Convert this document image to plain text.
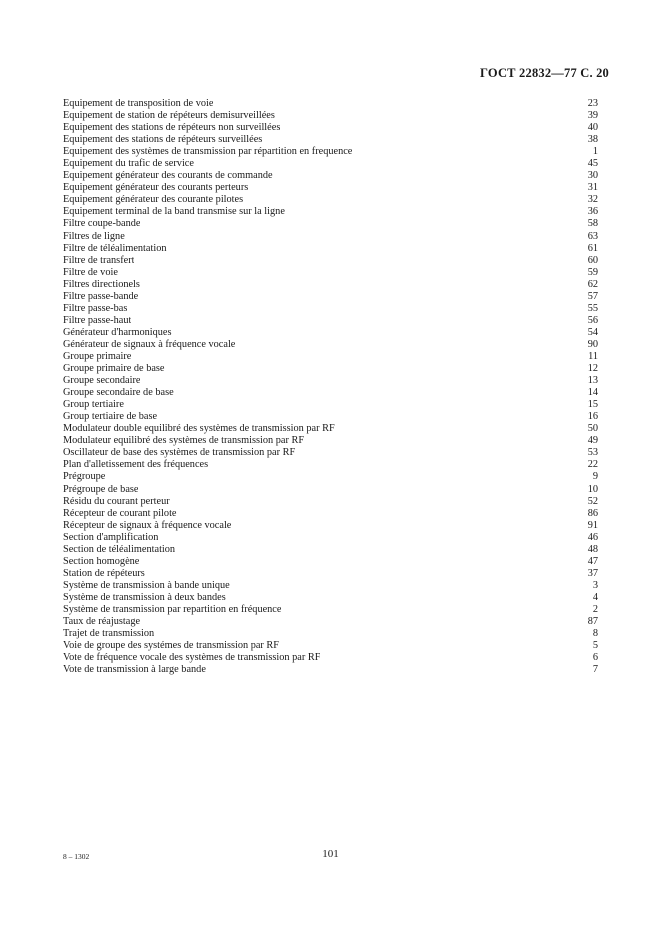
ГОСТ 22832—77 С. 20
Equipement de transposition de voie	23
Equipement de station de répéteurs demisurveillées	39
Equipement des stations de répéteurs non surveillées	40
Equipement des stations de répéteurs surveillées	38
Equipement des systèmes de transmission par répartition en frequence	1
Equipement du trafic de service	45
Equipement générateur des courants de commande	30
Equipement générateur des courants perteurs	31
Equipement générateur des courante pilotes	32
Equipement terminal de la band transmise sur la ligne	36
Filtre coupe-bande	58
Filtres de ligne	63
Filtre de téléalimentation	61
Filtre de transfert	60
Filtre de voie	59
Filtres directionels	62
Filtre passe-bande	57
Filtre passe-bas	55
Filtre passe-haut	56
Générateur d'harmoniques	54
Générateur de signaux à fréquence vocale	90
Groupe primaire	11
Groupe primaire de base	12
Groupe secondaire	13
Groupe secondaire de base	14
Group tertiaire	15
Group tertiaire de base	16
Modulateur double equilibré des systèmes de transmission par RF	50
Modulateur equilibré des systèmes de transmission par RF	49
Oscillateur de base des systèmes de transmission par RF	53
Plan d'alletissement des fréquences	22
Prégroupe	9
Prégroupe de base	10
Résidu du courant perteur	52
Récepteur de courant pilote	86
Récepteur de signaux à fréquence vocale	91
Section d'amplification	46
Section de téléalimentation	48
Section homogène	47
Station de répéteurs	37
Système de transmission à bande unique	3
Système de transmission à deux bandes	4
Système de transmission par repartition en fréquence	2
Taux de réajustage	87
Trajet de transmission	8
Voie de groupe des systémes de transmission par RF	5
Vote de fréquence vocale des systèmes de transmission par RF	6
Vote de transmission à large bande	7
8 – 1302	101
